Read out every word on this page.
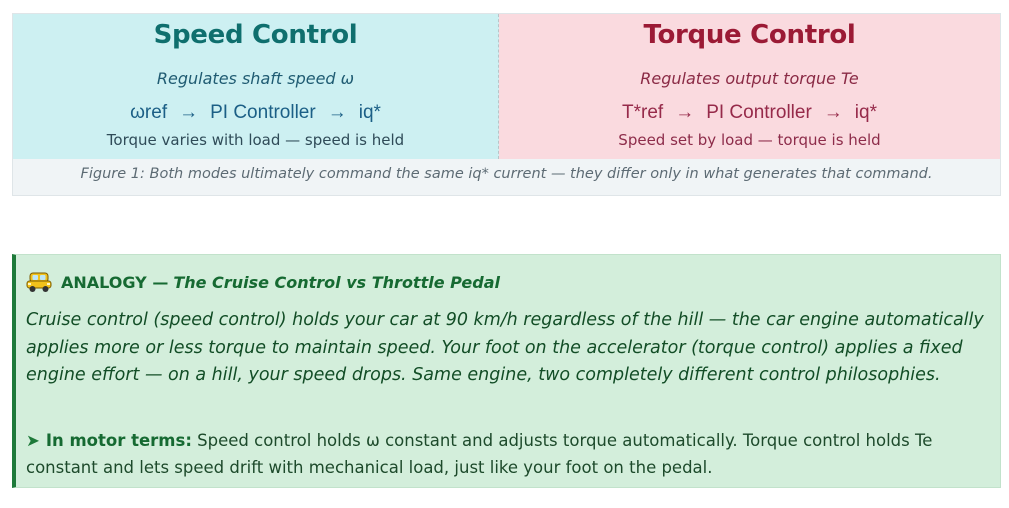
Speed Control
Regulates shaft speed ω
ωref → PI Controller → iq*
Torque varies with load — speed is held
Torque Control
Regulates output torque Te
T*ref → PI Controller → iq*
Speed set by load — torque is held
Figure 1: Both modes ultimately command the same iq* current — they differ only in what generates that command.
ANALOGY — The Cruise Control vs Throttle Pedal
Cruise control (speed control) holds your car at 90 km/h regardless of the hill — the car engine automatically applies more or less torque to maintain speed. Your foot on the accelerator (torque control) applies a fixed engine effort — on a hill, your speed drops. Same engine, two completely different control philosophies.
➤ In motor terms: Speed control holds ω constant and adjusts torque automatically. Torque control holds Te constant and lets speed drift with mechanical load, just like your foot on the pedal.
